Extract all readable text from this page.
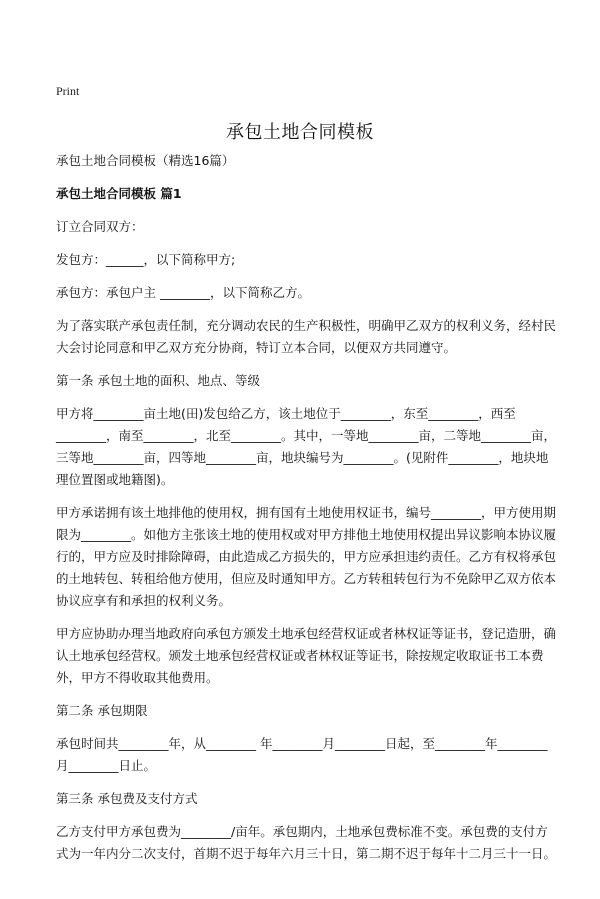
Print
承包土地合同模板

承包土地合同模板（精选16篇）

承包土地合同模板 篇1

订立合同双方：

发包方：______，以下简称甲方;

承包方：承包户主 ________，以下简称乙方。

为了落实联产承包责任制，充分调动农民的生产积极性，明确甲乙双方的权利义务，经村民大会讨论同意和甲乙双方充分协商，特订立本合同，以便双方共同遵守。

第一条 承包土地的面积、地点、等级

甲方将________亩土地(田)发包给乙方，该土地位于________，东至________，西至________，南至________，北至________。其中，一等地________亩，二等地________亩，三等地________亩，四等地________亩，地块编号为________。(见附件________，地块地理位置图或地籍图)。

甲方承诺拥有该土地排他的使用权，拥有国有土地使用权证书，编号________，甲方使用期限为________。如他方主张该土地的使用权或对甲方排他土地使用权提出异议影响本协议履行的，甲方应及时排除障碍，由此造成乙方损失的，甲方应承担违约责任。乙方有权将承包的土地转包、转租给他方使用，但应及时通知甲方。乙方转租转包行为不免除甲乙双方依本协议应享有和承担的权利义务。

甲方应协助办理当地政府向承包方颁发土地承包经营权证或者林权证等证书，登记造册，确认土地承包经营权。颁发土地承包经营权证或者林权证等证书，除按规定收取证书工本费外，甲方不得收取其他费用。

第二条 承包期限

承包时间共________年，从________ 年________月________日起，至________年________月________日止。

第三条 承包费及支付方式

乙方支付甲方承包费为________/亩年。承包期内，土地承包费标准不变。承包费的支付方式为一年内分二次支付，首期不迟于每年六月三十日，第二期不迟于每年十二月三十一日。
